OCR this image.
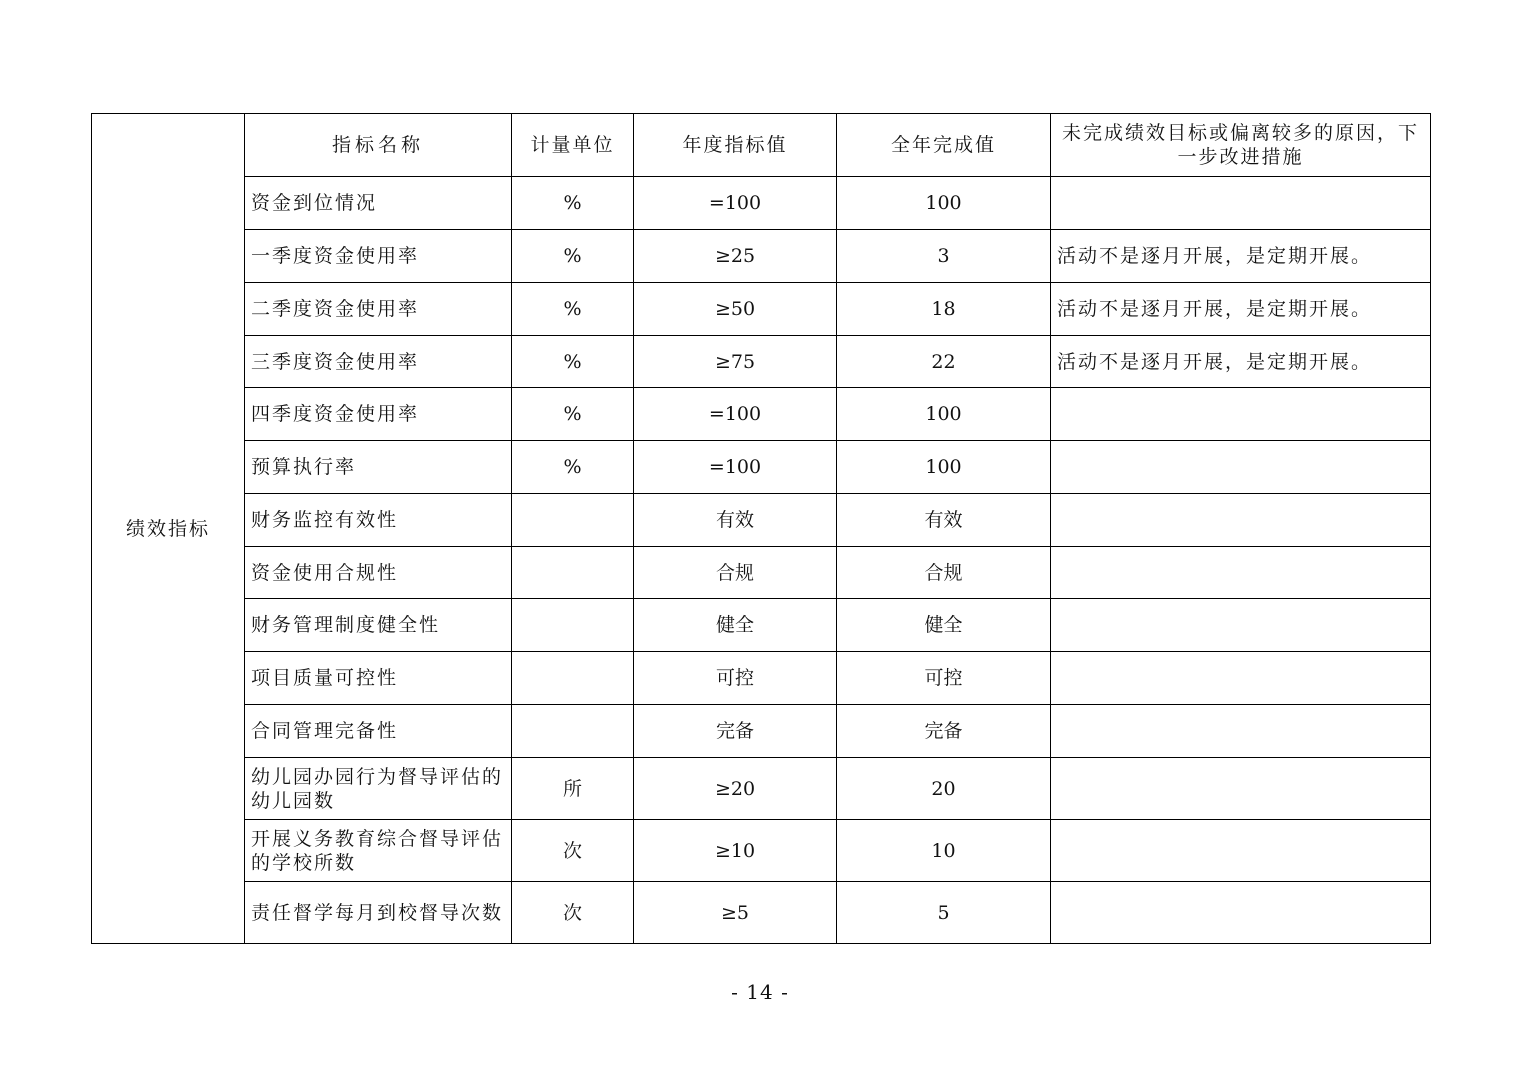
绩效指标	指标名称	计量单位	年度指标值	全年完成值	未完成绩效目标或偏离较多的原因，下一步改进措施
	资金到位情况	%	=100	100	
	一季度资金使用率	%	≥25	3	活动不是逐月开展，是定期开展。
	二季度资金使用率	%	≥50	18	活动不是逐月开展，是定期开展。
	三季度资金使用率	%	≥75	22	活动不是逐月开展，是定期开展。
	四季度资金使用率	%	=100	100	
	预算执行率	%	=100	100	
	财务监控有效性		有效	有效	
	资金使用合规性		合规	合规	
	财务管理制度健全性		健全	健全	
	项目质量可控性		可控	可控	
	合同管理完备性		完备	完备	
	幼儿园办园行为督导评估的幼儿园数	所	≥20	20	
	开展义务教育综合督导评估的学校所数	次	≥10	10	
	责任督学每月到校督导次数	次	≥5	5	
- 14 -
